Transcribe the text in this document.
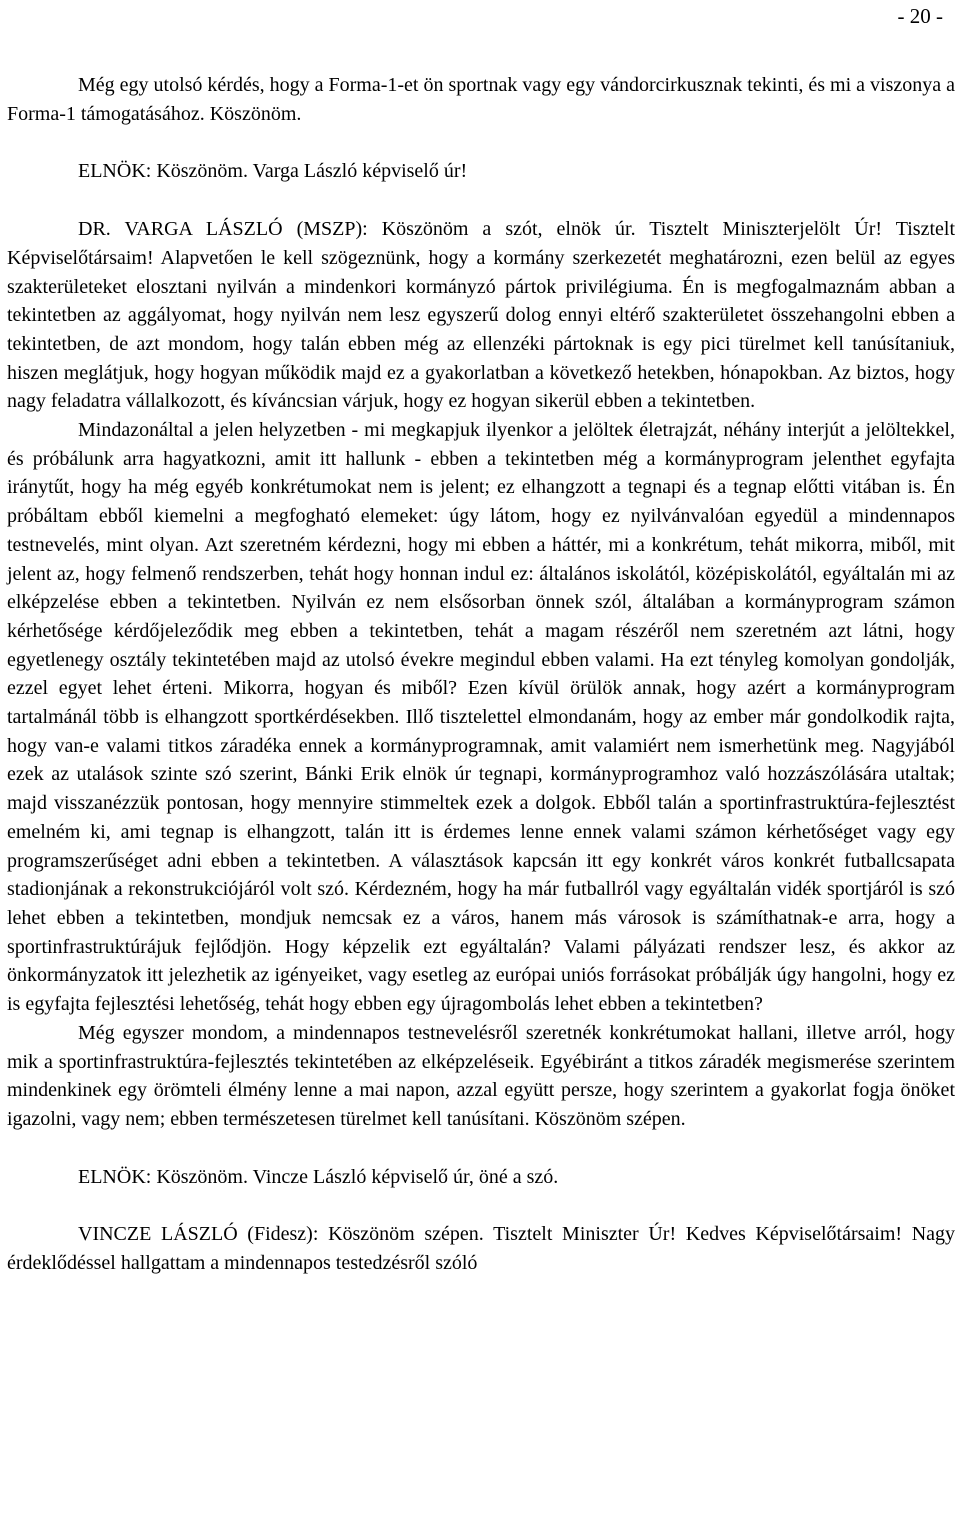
- 20 -

Még egy utolsó kérdés, hogy a Forma-1-et ön sportnak vagy egy vándorcirkusznak tekinti, és mi a viszonya a Forma-1 támogatásához. Köszönöm.

ELNÖK: Köszönöm. Varga László képviselő úr!

DR. VARGA LÁSZLÓ (MSZP): Köszönöm a szót, elnök úr. Tisztelt Miniszterjelölt Úr! Tisztelt Képviselőtársaim! Alapvetően le kell szögeznünk, hogy a kormány szerkezetét meghatározni, ezen belül az egyes szakterületeket elosztani nyilván a mindenkori kormányzó pártok privilégiuma. Én is megfogalmaznám abban a tekintetben az aggályomat, hogy nyilván nem lesz egyszerű dolog ennyi eltérő szakterületet összehangolni ebben a tekintetben, de azt mondom, hogy talán ebben még az ellenzéki pártoknak is egy pici türelmet kell tanúsítaniuk, hiszen meglátjuk, hogy hogyan működik majd ez a gyakorlatban a következő hetekben, hónapokban. Az biztos, hogy nagy feladatra vállalkozott, és kíváncsian várjuk, hogy ez hogyan sikerül ebben a tekintetben.

Mindazonáltal a jelen helyzetben - mi megkapjuk ilyenkor a jelöltek életrajzát, néhány interjút a jelöltekkel, és próbálunk arra hagyatkozni, amit itt hallunk - ebben a tekintetben még a kormányprogram jelenthet egyfajta iránytűt, hogy ha még egyéb konkrétumokat nem is jelent; ez elhangzott a tegnapi és a tegnap előtti vitában is. Én próbáltam ebből kiemelni a megfogható elemeket: úgy látom, hogy ez nyilvánvalóan egyedül a mindennapos testnevelés, mint olyan. Azt szeretném kérdezni, hogy mi ebben a háttér, mi a konkrétum, tehát mikorra, miből, mit jelent az, hogy felmenő rendszerben, tehát hogy honnan indul ez: általános iskolától, középiskolától, egyáltalán mi az elképzelése ebben a tekintetben. Nyilván ez nem elsősorban önnek szól, általában a kormányprogram számon kérhetősége kérdőjeleződik meg ebben a tekintetben, tehát a magam részéről nem szeretném azt látni, hogy egyetlenegy osztály tekintetében majd az utolsó évekre megindul ebben valami. Ha ezt tényleg komolyan gondolják, ezzel egyet lehet érteni. Mikorra, hogyan és miből? Ezen kívül örülök annak, hogy azért a kormányprogram tartalmánál több is elhangzott sportkérdésekben. Illő tisztelettel elmondanám, hogy az ember már gondolkodik rajta, hogy van-e valami titkos záradéka ennek a kormányprogramnak, amit valamiért nem ismerhetünk meg. Nagyjából ezek az utalások szinte szó szerint, Bánki Erik elnök úr tegnapi, kormányprogramhoz való hozzászólására utaltak; majd visszanézzük pontosan, hogy mennyire stimmeltek ezek a dolgok. Ebből talán a sportinfrastruktúra-fejlesztést emelném ki, ami tegnap is elhangzott, talán itt is érdemes lenne ennek valami számon kérhetőséget vagy egy programszerűséget adni ebben a tekintetben. A választások kapcsán itt egy konkrét város konkrét futballcsapata stadionjának a rekonstrukciójáról volt szó. Kérdezném, hogy ha már futballról vagy egyáltalán vidék sportjáról is szó lehet ebben a tekintetben, mondjuk nemcsak ez a város, hanem más városok is számíthatnak-e arra, hogy a sportinfrastruktúrájuk fejlődjön. Hogy képzelik ezt egyáltalán? Valami pályázati rendszer lesz, és akkor az önkormányzatok itt jelezhetik az igényeiket, vagy esetleg az európai uniós forrásokat próbálják úgy hangolni, hogy ez is egyfajta fejlesztési lehetőség, tehát hogy ebben egy újragombolás lehet ebben a tekintetben?

Még egyszer mondom, a mindennapos testnevelésről szeretnék konkrétumokat hallani, illetve arról, hogy mik a sportinfrastruktúra-fejlesztés tekintetében az elképzeléseik. Egyébiránt a titkos záradék megismerése szerintem mindenkinek egy örömteli élmény lenne a mai napon, azzal együtt persze, hogy szerintem a gyakorlat fogja önöket igazolni, vagy nem; ebben természetesen türelmet kell tanúsítani. Köszönöm szépen.

ELNÖK: Köszönöm. Vincze László képviselő úr, öné a szó.

VINCZE LÁSZLÓ (Fidesz): Köszönöm szépen. Tisztelt Miniszter Úr! Kedves Képviselőtársaim! Nagy érdeklődéssel hallgattam a mindennapos testedzésről szóló
